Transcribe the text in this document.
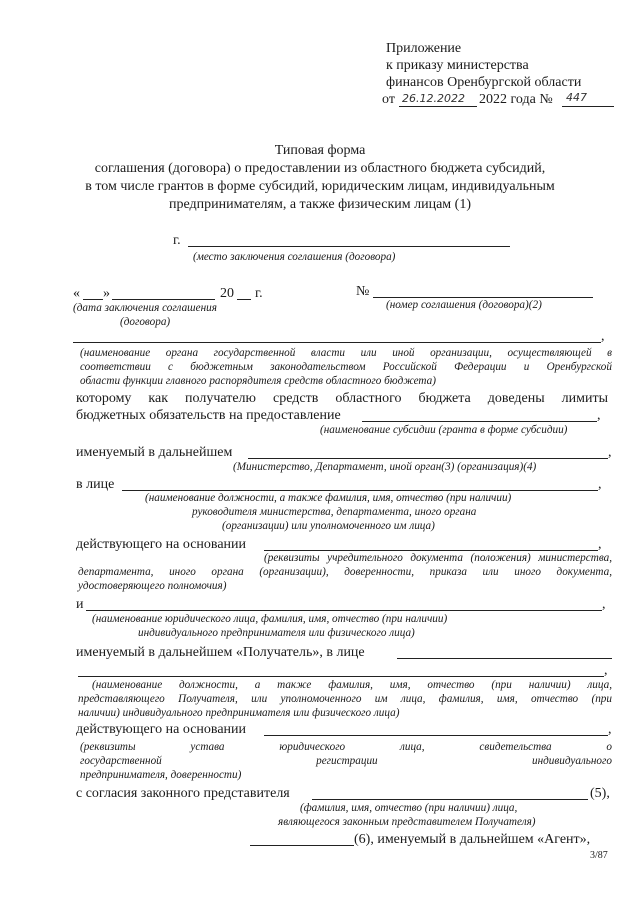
Приложение
к приказу министерства
финансов Оренбургской области
от 26.12.2022 2022 года № 447
Типовая форма
соглашения (договора) о предоставлении из областного бюджета субсидий,
в том числе грантов в форме субсидий, юридическим лицам, индивидуальным
предпринимателям, а также физическим лицам (1)
г.
(место заключения соглашения (договора)
« »	20 г.
(дата заключения соглашения
(договора)
№
(номер соглашения (договора)(2)
,
(наименование органа государственной власти или иной организации, осуществляющей в
соответствии с бюджетным законодательством Российской Федерации и Оренбургской
области функции главного распорядителя средств областного бюджета)
которому как получателю средств областного бюджета доведены лимиты
бюджетных обязательств на предоставление	,
(наименование субсидии (гранта в форме субсидии)
именуемый в дальнейшем	,
(Министерство, Департамент, иной орган(3) (организация)(4)
в лице	,
(наименование должности, а также фамилия, имя, отчество (при наличии)
руководителя министерства, департамента, иного органа
(организации) или уполномоченного им лица)
действующего на основании	,
(реквизиты учредительного документа (положения) министерства,
департамента, иного органа (организации), доверенности, приказа или иного документа,
удостоверяющего полномочия)
и	,
(наименование юридического лица, фамилия, имя, отчество (при наличии)
индивидуального предпринимателя или физического лица)
именуемый в дальнейшем «Получатель», в лице
,
(наименование должности, а также фамилия, имя, отчество (при наличии) лица,
представляющего Получателя, или уполномоченного им лица, фамилия, имя, отчество (при
наличии) индивидуального предпринимателя или физического лица)
действующего на основании	,
(реквизиты устава юридического лица, свидетельства о
государственной регистрации индивидуального
предпринимателя, доверенности)
с согласия законного представителя	(5),
(фамилия, имя, отчество (при наличии) лица,
являющегося законным представителем Получателя)
(6), именуемый в дальнейшем «Агент»,
3/87
